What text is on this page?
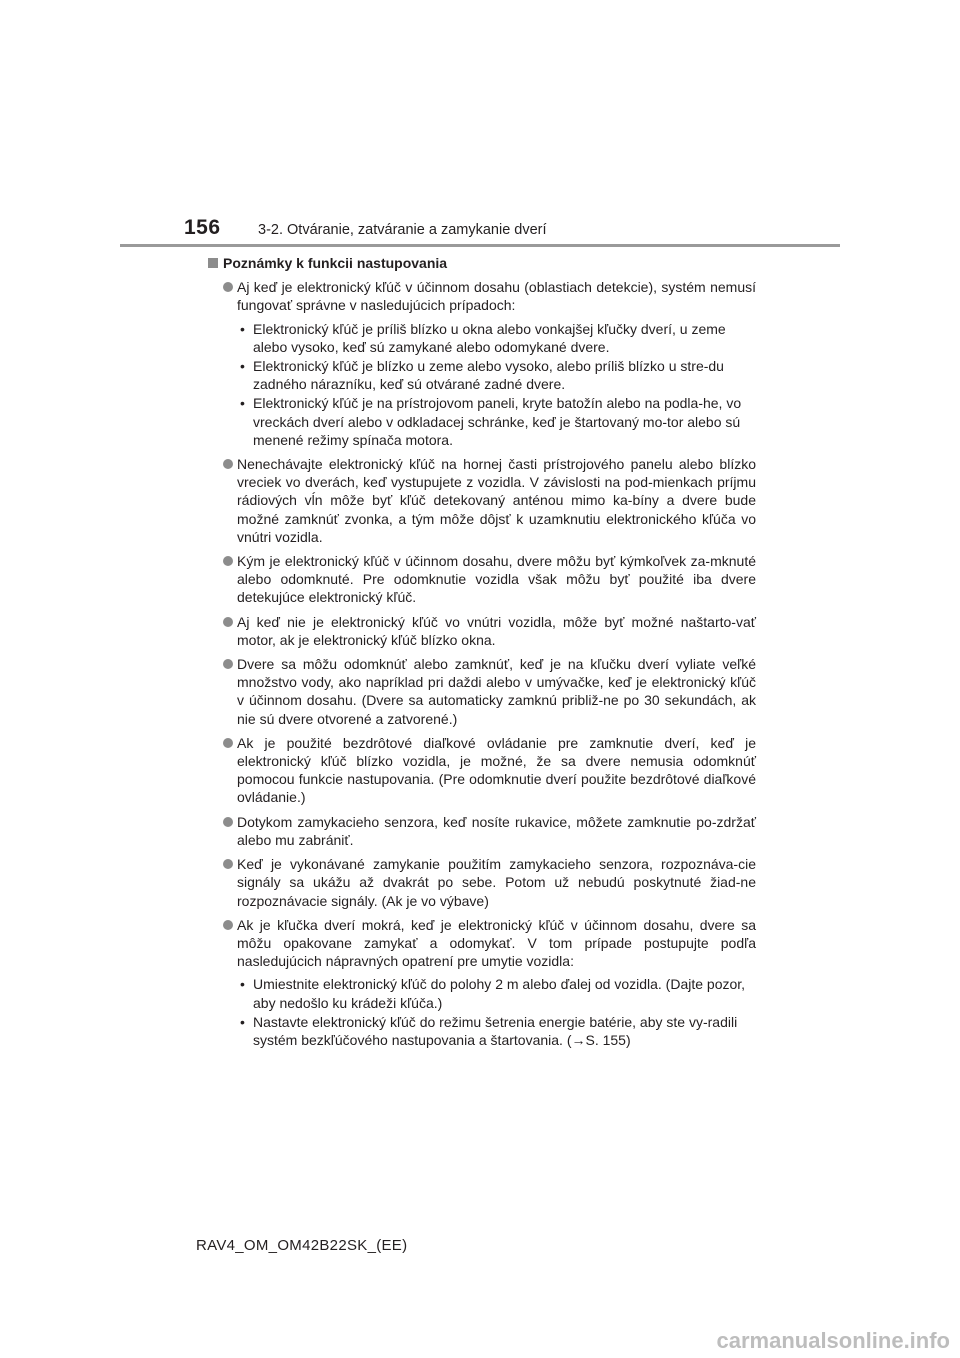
156	3-2. Otváranie, zatváranie a zamykanie dverí
Poznámky k funkcii nastupovania

Aj keď je elektronický kľúč v účinnom dosahu (oblastiach detekcie), systém nemusí fungovať správne v nasledujúcich prípadoch:

• Elektronický kľúč je príliš blízko u okna alebo vonkajšej kľučky dverí, u zeme alebo vysoko, keď sú zamykané alebo odomykané dvere.

• Elektronický kľúč je blízko u zeme alebo vysoko, alebo príliš blízko u stre-du zadného nárazníku, keď sú otvárané zadné dvere.

• Elektronický kľúč je na prístrojovom paneli, kryte batožín alebo na podla-he, vo vreckách dverí alebo v odkladacej schránke, keď je štartovaný mo-tor alebo sú menené režimy spínača motora.

Nenechávajte elektronický kľúč na hornej časti prístrojového panelu alebo blízko vreciek vo dverách, keď vystupujete z vozidla. V závislosti na pod-mienkach príjmu rádiových vĺn môže byť kľúč detekovaný anténou mimo ka-bíny a dvere bude možné zamknúť zvonka, a tým môže dôjsť k uzamknutiu elektronického kľúča vo vnútri vozidla.

Kým je elektronický kľúč v účinnom dosahu, dvere môžu byť kýmkoľvek za-mknuté alebo odomknuté. Pre odomknutie vozidla však môžu byť použité iba dvere detekujúce elektronický kľúč.

Aj keď nie je elektronický kľúč vo vnútri vozidla, môže byť možné naštarto-vať motor, ak je elektronický kľúč blízko okna.

Dvere sa môžu odomknúť alebo zamknúť, keď je na kľučku dverí vyliate veľké množstvo vody, ako napríklad pri daždi alebo v umývačke, keď je elektronický kľúč v účinnom dosahu. (Dvere sa automaticky zamknú približ-ne po 30 sekundách, ak nie sú dvere otvorené a zatvorené.)

Ak je použité bezdrôtové diaľkové ovládanie pre zamknutie dverí, keď je elektronický kľúč blízko vozidla, je možné, že sa dvere nemusia odomknúť pomocou funkcie nastupovania. (Pre odomknutie dverí použite bezdrôtové diaľkové ovládanie.)

Dotykom zamykacieho senzora, keď nosíte rukavice, môžete zamknutie po-zdržať alebo mu zabrániť.

Keď je vykonávané zamykanie použitím zamykacieho senzora, rozpoznáva-cie signály sa ukážu až dvakrát po sebe. Potom už nebudú poskytnuté žiad-ne rozpoznávacie signály. (Ak je vo výbave)

Ak je kľučka dverí mokrá, keď je elektronický kľúč v účinnom dosahu, dvere sa môžu opakovane zamykať a odomykať. V tom prípade postupujte podľa nasledujúcich nápravných opatrení pre umytie vozidla:

• Umiestnite elektronický kľúč do polohy 2 m alebo ďalej od vozidla. (Dajte pozor, aby nedošlo ku krádeži kľúča.)

• Nastavte elektronický kľúč do režimu šetrenia energie batérie, aby ste vy-radili systém bezkľúčového nastupovania a štartovania. (→S. 155)

RAV4_OM_OM42B22SK_(EE)
carmanualsonline.info
